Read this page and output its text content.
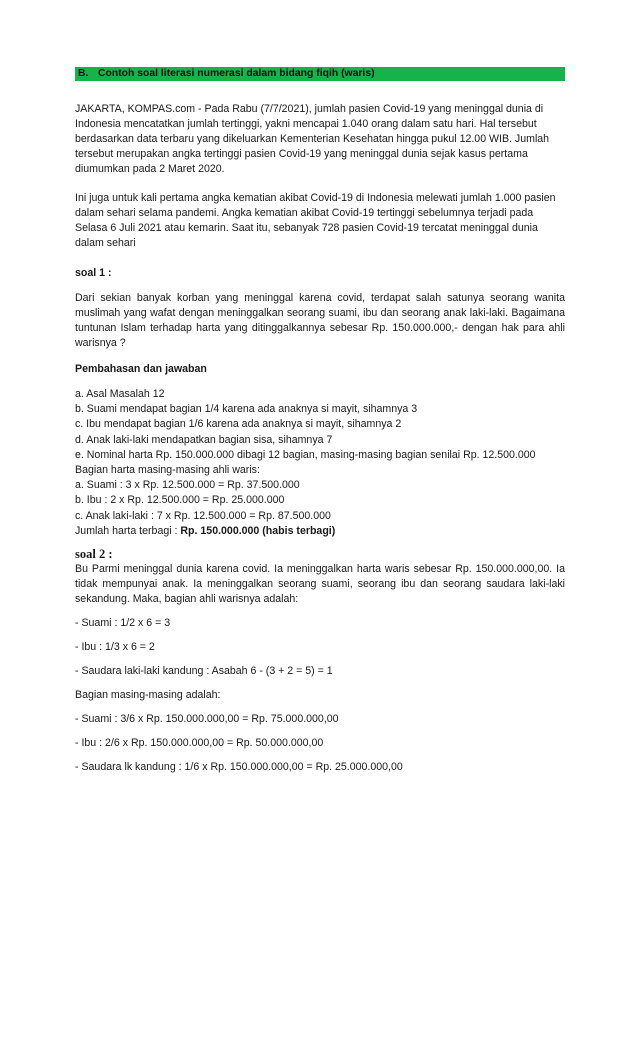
B. Contoh soal literasi numerasi dalam bidang fiqih (waris)

JAKARTA, KOMPAS.com - Pada Rabu (7/7/2021), jumlah pasien Covid-19 yang meninggal dunia di Indonesia mencatatkan jumlah tertinggi, yakni mencapai 1.040 orang dalam satu hari. Hal tersebut berdasarkan data terbaru yang dikeluarkan Kementerian Kesehatan hingga pukul 12.00 WIB. Jumlah tersebut merupakan angka tertinggi pasien Covid-19 yang meninggal dunia sejak kasus pertama diumumkan pada 2 Maret 2020.

Ini juga untuk kali pertama angka kematian akibat Covid-19 di Indonesia melewati jumlah 1.000 pasien dalam sehari selama pandemi. Angka kematian akibat Covid-19 tertinggi sebelumnya terjadi pada Selasa 6 Juli 2021 atau kemarin. Saat itu, sebanyak 728 pasien Covid-19 tercatat meninggal dunia dalam sehari

soal 1 :

Dari sekian banyak korban yang meninggal karena covid, terdapat salah satunya seorang wanita muslimah yang wafat dengan meninggalkan seorang suami, ibu dan seorang anak laki-laki. Bagaimana tuntunan Islam terhadap harta yang ditinggalkannya sebesar Rp. 150.000.000,- dengan hak para ahli warisnya ?

Pembahasan dan jawaban

a. Asal Masalah 12
b. Suami mendapat bagian 1/4 karena ada anaknya si mayit, sihamnya 3
c. Ibu mendapat bagian 1/6 karena ada anaknya si mayit, sihamnya 2
d. Anak laki-laki mendapatkan bagian sisa, sihamnya 7
e. Nominal harta Rp. 150.000.000 dibagi 12 bagian, masing-masing bagian senilai Rp. 12.500.000
Bagian harta masing-masing ahli waris:
a. Suami : 3 x Rp. 12.500.000 = Rp. 37.500.000
b. Ibu : 2 x Rp. 12.500.000 = Rp. 25.000.000
c. Anak laki-laki : 7 x Rp. 12.500.000 = Rp. 87.500.000
Jumlah harta terbagi : Rp. 150.000.000 (habis terbagi)

soal 2 :

Bu Parmi meninggal dunia karena covid. Ia meninggalkan harta waris sebesar Rp. 150.000.000,00. Ia tidak mempunyai anak. Ia meninggalkan seorang suami, seorang ibu dan seorang saudara laki-laki sekandung. Maka, bagian ahli warisnya adalah:

- Suami : 1/2 x 6 = 3

- Ibu : 1/3 x 6 = 2

- Saudara laki-laki kandung : Asabah 6 - (3 + 2 = 5) = 1

Bagian masing-masing adalah:

- Suami : 3/6 x Rp. 150.000.000,00 = Rp. 75.000.000,00

- Ibu : 2/6 x Rp. 150.000.000,00 = Rp. 50.000.000,00

- Saudara lk kandung : 1/6 x Rp. 150.000.000,00 = Rp. 25.000.000,00
